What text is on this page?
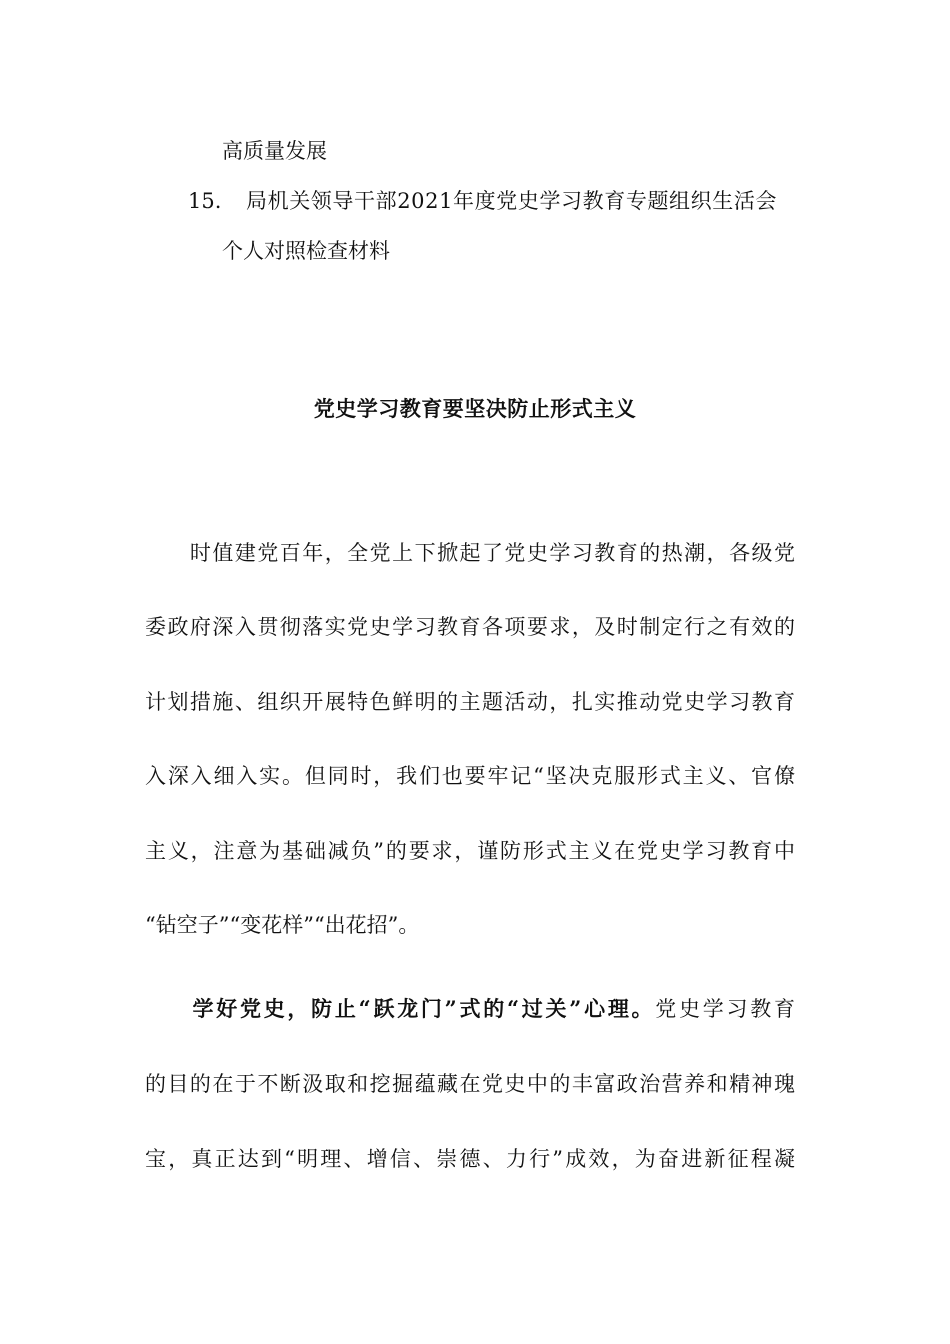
高质量发展
15. 局机关领导干部2021年度党史学习教育专题组织生活会
个人对照检查材料
党史学习教育要坚决防止形式主义
　　时值建党百年，全党上下掀起了党史学习教育的热潮，各级党
委政府深入贯彻落实党史学习教育各项要求，及时制定行之有效的
计划措施、组织开展特色鲜明的主题活动，扎实推动党史学习教育
入深入细入实。但同时，我们也要牢记“坚决克服形式主义、官僚
主义，注意为基础减负”的要求，谨防形式主义在党史学习教育中
“钻空子”“变花样”“出花招”。
　　学好党史，防止“跃龙门”式的“过关”心理。党史学习教育
的目的在于不断汲取和挖掘蕴藏在党史中的丰富政治营养和精神瑰
宝，真正达到“明理、增信、崇德、力行”成效，为奋进新征程凝
